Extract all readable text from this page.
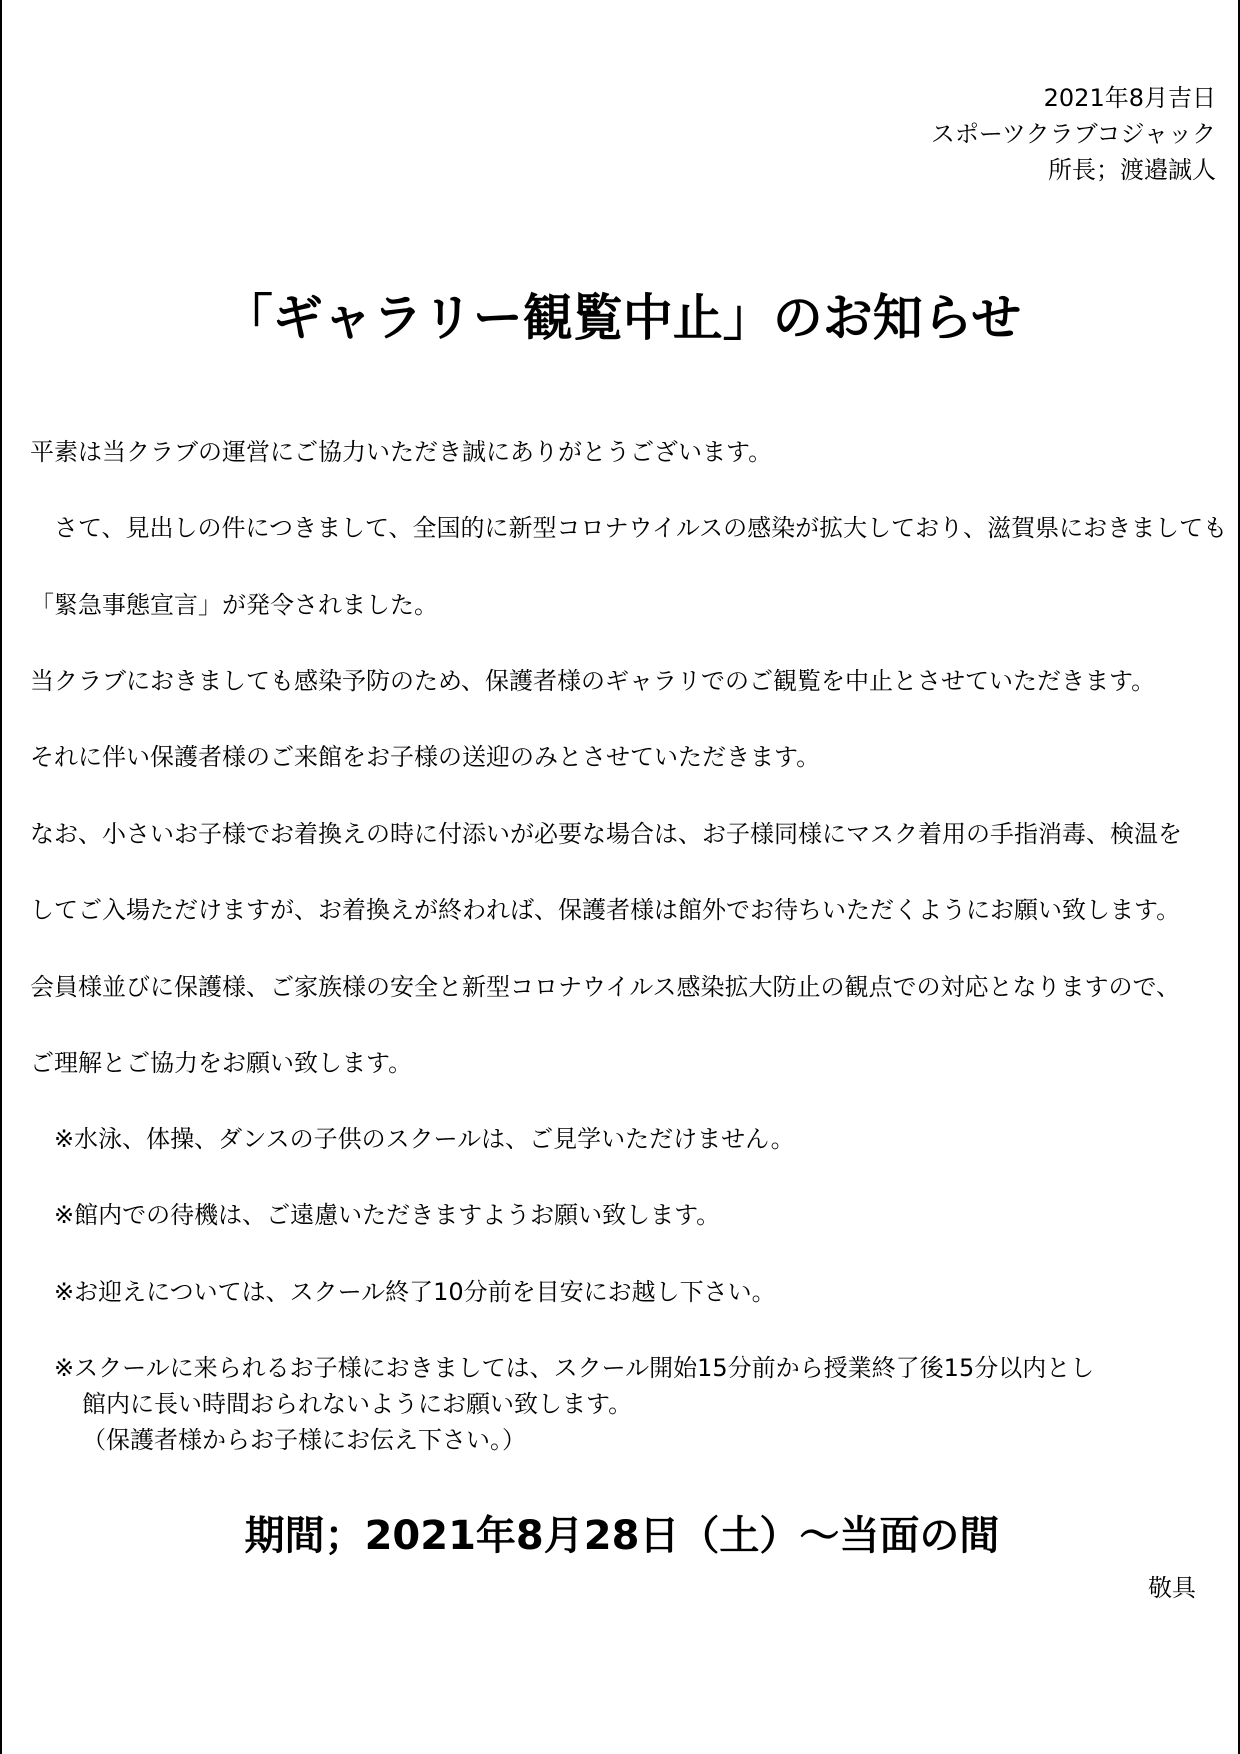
2021年8月吉日
スポーツクラブコジャック
所長；渡邉誠人
「ギャラリー観覧中止」のお知らせ
平素は当クラブの運営にご協力いただき誠にありがとうございます。
　さて、見出しの件につきまして、全国的に新型コロナウイルスの感染が拡大しており、滋賀県におきましても
「緊急事態宣言」が発令されました。
当クラブにおきましても感染予防のため、保護者様のギャラリでのご観覧を中止とさせていただきます。
それに伴い保護者様のご来館をお子様の送迎のみとさせていただきます。
なお、小さいお子様でお着換えの時に付添いが必要な場合は、お子様同様にマスク着用の手指消毒、検温を
してご入場ただけますが、お着換えが終われば、保護者様は館外でお待ちいただくようにお願い致します。
会員様並びに保護様、ご家族様の安全と新型コロナウイルス感染拡大防止の観点での対応となりますので、
ご理解とご協力をお願い致します。
※水泳、体操、ダンスの子供のスクールは、ご見学いただけません。
※館内での待機は、ご遠慮いただきますようお願い致します。
※お迎えについては、スクール終了10分前を目安にお越し下さい。
※スクールに来られるお子様におきましては、スクール開始15分前から授業終了後15分以内とし
館内に長い時間おられないようにお願い致します。
（保護者様からお子様にお伝え下さい。）
期間；2021年8月28日（土）～当面の間
敬具
